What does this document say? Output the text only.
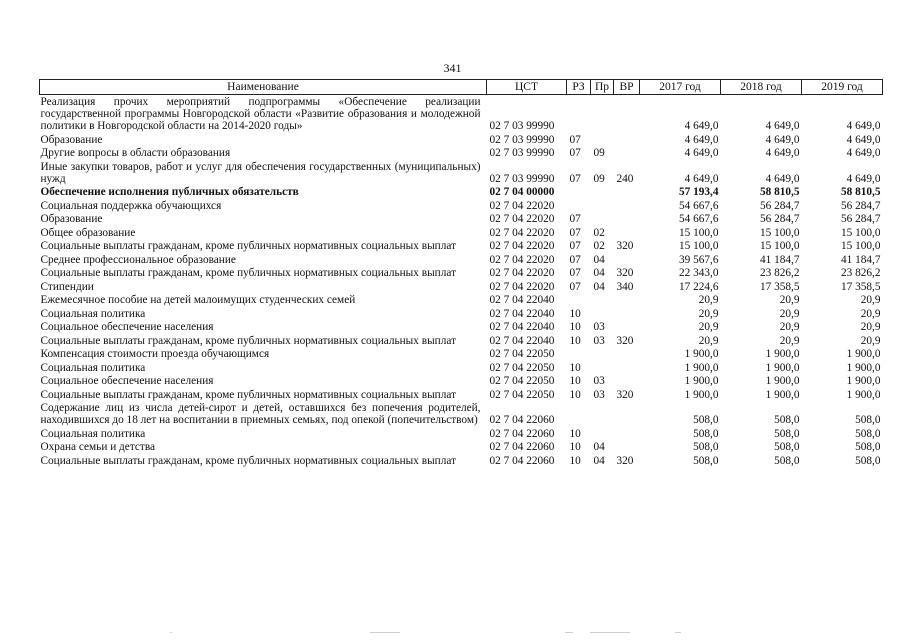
341
Наименование	ЦСТ	РЗ	Пр	ВР	2017 год	2018 год	2019 год
Реализация прочих мероприятий подпрограммы «Обеспечение реализации государственной программы Новгородской области «Развитие образования и молодежной политики в Новгородской области на 2014-2020 годы»	02 7 03 99990				4 649,0	4 649,0	4 649,0
Образование	02 7 03 99990	07			4 649,0	4 649,0	4 649,0
Другие вопросы в области образования	02 7 03 99990	07	09		4 649,0	4 649,0	4 649,0
Иные закупки товаров, работ и услуг для обеспечения государственных (муниципальных) нужд	02 7 03 99990	07	09	240	4 649,0	4 649,0	4 649,0
Обеспечение исполнения публичных обязательств	02 7 04 00000				57 193,4	58 810,5	58 810,5
Социальная поддержка обучающихся	02 7 04 22020				54 667,6	56 284,7	56 284,7
Образование	02 7 04 22020	07			54 667,6	56 284,7	56 284,7
Общее образование	02 7 04 22020	07	02		15 100,0	15 100,0	15 100,0
Социальные выплаты гражданам, кроме публичных нормативных социальных выплат	02 7 04 22020	07	02	320	15 100,0	15 100,0	15 100,0
Среднее профессиональное образование	02 7 04 22020	07	04		39 567,6	41 184,7	41 184,7
Социальные выплаты гражданам, кроме публичных нормативных социальных выплат	02 7 04 22020	07	04	320	22 343,0	23 826,2	23 826,2
Стипендии	02 7 04 22020	07	04	340	17 224,6	17 358,5	17 358,5
Ежемесячное пособие на детей малоимущих студенческих семей	02 7 04 22040				20,9	20,9	20,9
Социальная политика	02 7 04 22040	10			20,9	20,9	20,9
Социальное обеспечение населения	02 7 04 22040	10	03		20,9	20,9	20,9
Социальные выплаты гражданам, кроме публичных нормативных социальных выплат	02 7 04 22040	10	03	320	20,9	20,9	20,9
Компенсация стоимости проезда обучающимся	02 7 04 22050				1 900,0	1 900,0	1 900,0
Социальная политика	02 7 04 22050	10			1 900,0	1 900,0	1 900,0
Социальное обеспечение населения	02 7 04 22050	10	03		1 900,0	1 900,0	1 900,0
Социальные выплаты гражданам, кроме публичных нормативных социальных выплат	02 7 04 22050	10	03	320	1 900,0	1 900,0	1 900,0
Содержание лиц из числа детей-сирот и детей, оставшихся без попечения родителей, находившихся до 18 лет на воспитании в приемных семьях, под опекой (попечительством)	02 7 04 22060				508,0	508,0	508,0
Социальная политика	02 7 04 22060	10			508,0	508,0	508,0
Охрана семьи и детства	02 7 04 22060	10	04		508,0	508,0	508,0
Социальные выплаты гражданам, кроме публичных нормативных социальных выплат	02 7 04 22060	10	04	320	508,0	508,0	508,0
